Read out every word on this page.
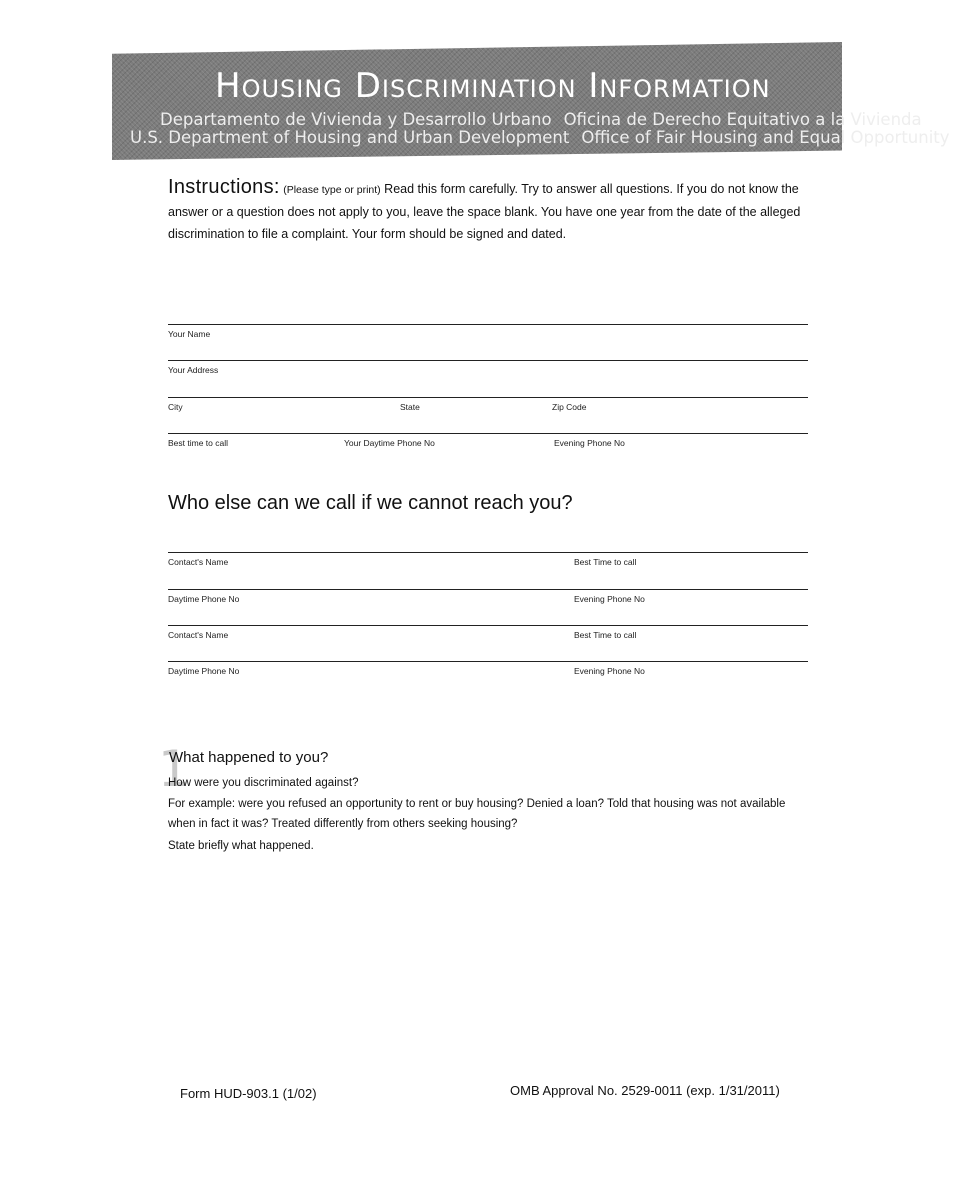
Housing Discrimination Information
Departamento de Vivienda y Desarrollo Urbano Oficina de Derecho Equitativo a la Vivienda
U.S. Department of Housing and Urban Development Office of Fair Housing and Equal Opportunity

Instructions: (Please type or print) Read this form carefully. Try to answer all questions. If you do not know the answer or a question does not apply to you, leave the space blank. You have one year from the date of the alleged discrimination to file a complaint. Your form should be signed and dated.

Your Name
Your Address
City	State	Zip Code
Best time to call	Your Daytime Phone No	Evening Phone No
Who else can we call if we cannot reach you?
Contact's Name	Best Time to call
Daytime Phone No	Evening Phone No
Contact's Name	Best Time to call
Daytime Phone No	Evening Phone No
1
What happened to you?

How were you discriminated against?

For example: were you refused an opportunity to rent or buy housing? Denied a loan? Told that housing was not available when in fact it was? Treated differently from others seeking housing?

State briefly what happened.

Form HUD-903.1 (1/02)	OMB Approval No. 2529-0011 (exp. 1/31/2011)
